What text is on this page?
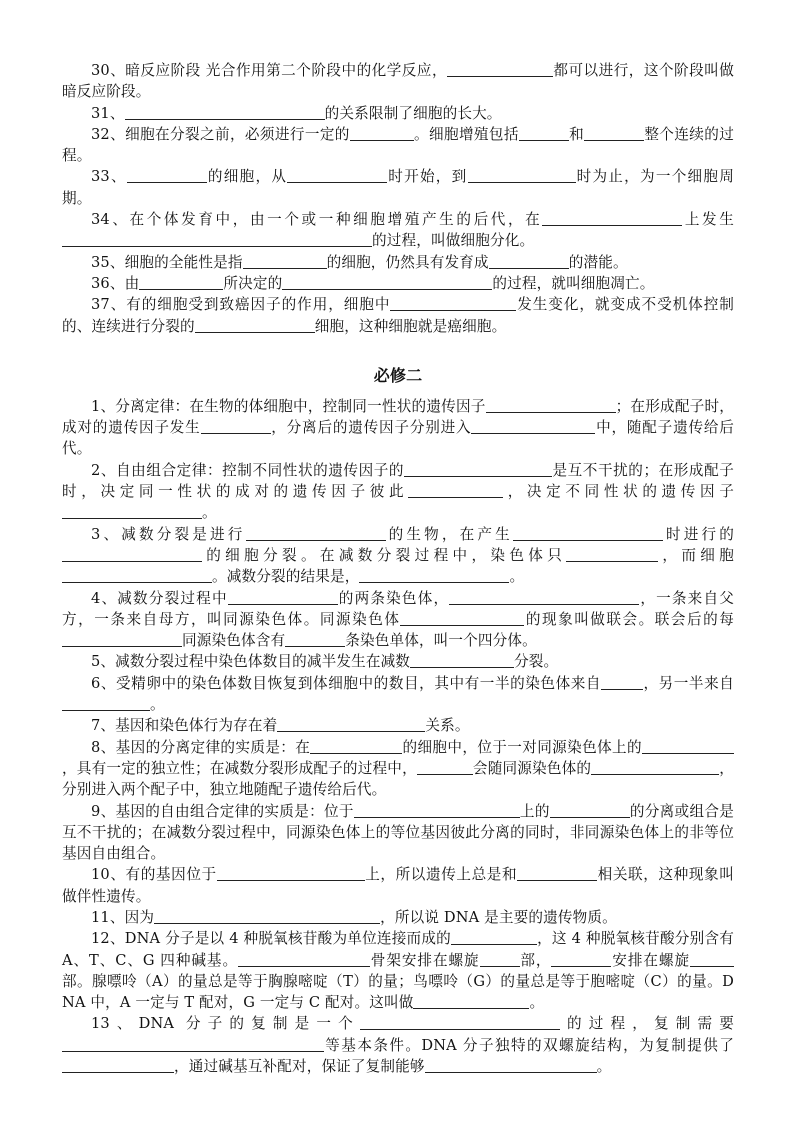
30、暗反应阶段 光合作用第二个阶段中的化学反应，	都可以进行，这个阶段叫做暗反应阶段。

31、	的关系限制了细胞的长大。

32、细胞在分裂之前，必须进行一定的	。细胞增殖包括	和	整个连续的过程。

33、	的细胞，从	时开始，到	时为止，为一个细胞周期。

34、在个体发育中，由一个或一种细胞增殖产生的后代，在	上发生的过程，叫做细胞分化。

35、细胞的全能性是指	的细胞，仍然具有发育成	的潜能。

36、由	所决定的	的过程，就叫细胞凋亡。

37、有的细胞受到致癌因子的作用，细胞中	发生变化，就变成不受机体控制的、连续进行分裂的	细胞，这种细胞就是癌细胞。

必修二

1、分离定律：在生物的体细胞中，控制同一性状的遗传因子	；在形成配子时，成对的遗传因子发生	，分离后的遗传因子分别进入	中，随配子遗传给后代。

2、自由组合定律：控制不同性状的遗传因子的	是互不干扰的；在形成配子时，决定同一性状的成对的遗传因子彼此	，决定不同性状的遗传因子。

3、减数分裂是进行	的生物，在产生	时进行的的细胞分裂。在减数分裂过程中，染色体只	，而细胞。减数分裂的结果是，	。

4、减数分裂过程中	的两条染色体，	，一条来自父方，一条来自母方，叫同源染色体。同源染色体	的现象叫做联会。联会后的每同源染色体含有	条染色单体，叫一个四分体。

5、减数分裂过程中染色体数目的减半发生在减数	分裂。

6、受精卵中的染色体数目恢复到体细胞中的数目，其中有一半的染色体来自	，另一半来自。

7、基因和染色体行为存在着	关系。

8、基因的分离定律的实质是：在	的细胞中，位于一对同源染色体上的，具有一定的独立性；在减数分裂形成配子的过程中，	会随同源染色体的	，分别进入两个配子中，独立地随配子遗传给后代。

9、基因的自由组合定律的实质是：位于	上的	的分离或组合是互不干扰的；在减数分裂过程中，同源染色体上的等位基因彼此分离的同时，非同源染色体上的非等位基因自由组合。

10、有的基因位于	上，所以遗传上总是和	相关联，这种现象叫做伴性遗传。

11、因为	，所以说 DNA 是主要的遗传物质。

12、DNA 分子是以 4 种脱氧核苷酸为单位连接而成的	，这 4 种脱氧核苷酸分别含有 A、T、C、G 四种碱基。	骨架安排在螺旋	部，	安排在螺旋部。腺嘌呤（A）的量总是等于胸腺嘧啶（T）的量；鸟嘌呤（G）的量总是等于胞嘧啶（C）的量。DNA 中，A 一定与 T 配对，G 一定与 C 配对。这叫做	。

13、DNA 分子的复制是一个	的过程，复制需要等基本条件。DNA 分子独特的双螺旋结构，为复制提供了，通过碱基互补配对，保证了复制能够	。
